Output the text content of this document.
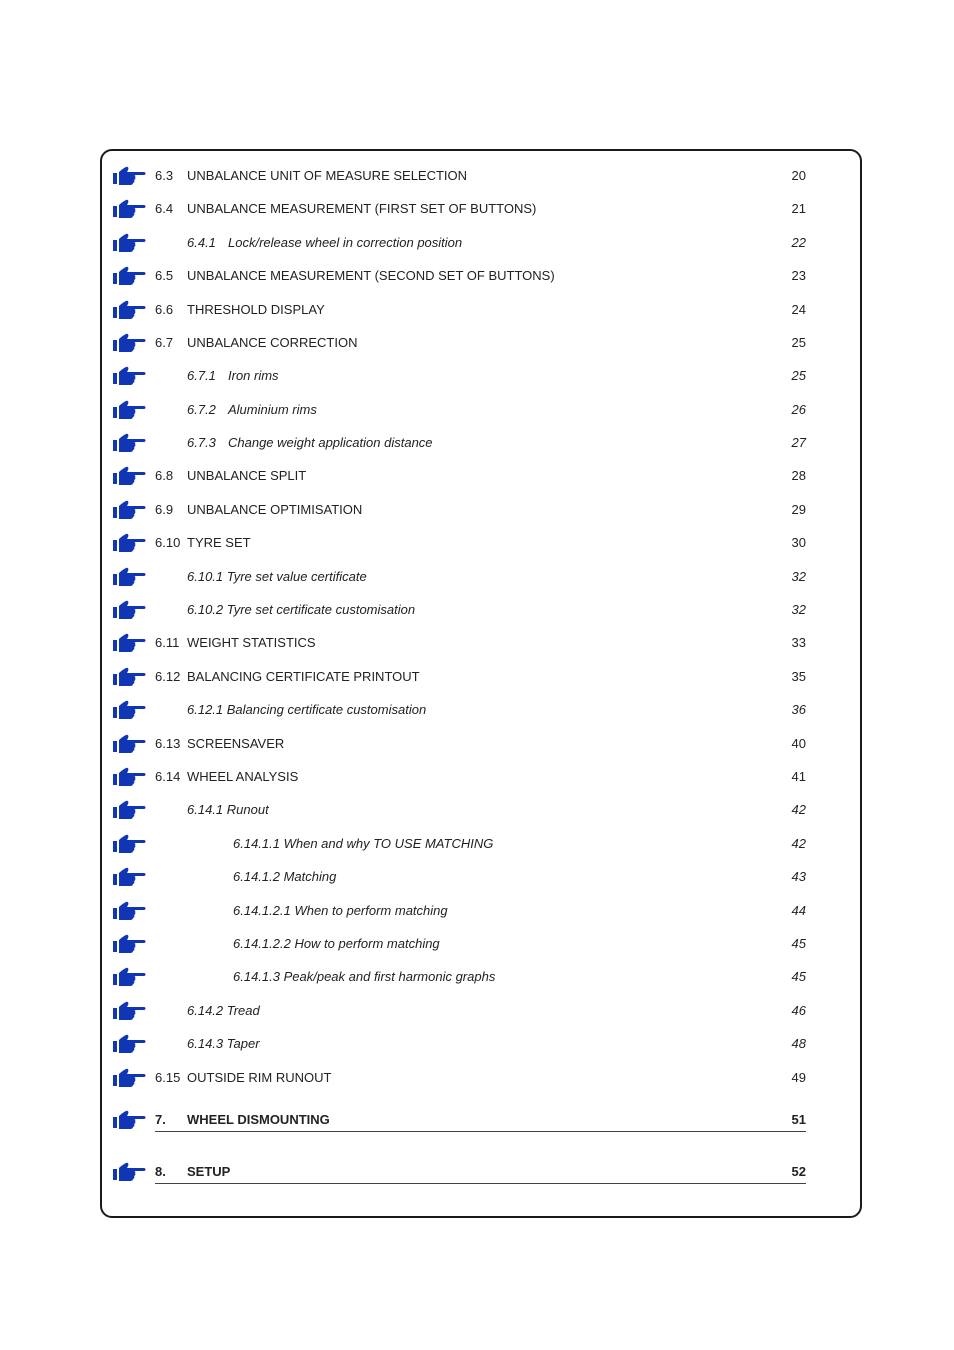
6.3 UNBALANCE UNIT OF MEASURE SELECTION	20
6.4 UNBALANCE MEASUREMENT (FIRST SET OF BUTTONS)	21
6.4.1 Lock/release wheel in correction position	22
6.5 UNBALANCE MEASUREMENT (SECOND SET OF BUTTONS)	23
6.6 THRESHOLD DISPLAY	24
6.7 UNBALANCE CORRECTION	25
6.7.1 Iron rims	25
6.7.2 Aluminium rims	26
6.7.3 Change weight application distance	27
6.8 UNBALANCE SPLIT	28
6.9 UNBALANCE OPTIMISATION	29
6.10 TYRE SET	30
6.10.1 Tyre set value certificate	32
6.10.2 Tyre set certificate customisation	32
6.11 WEIGHT STATISTICS	33
6.12 BALANCING CERTIFICATE PRINTOUT	35
6.12.1 Balancing certificate customisation	36
6.13 SCREENSAVER	40
6.14 WHEEL ANALYSIS	41
6.14.1 Runout	42
6.14.1.1 When and why TO USE MATCHING	42
6.14.1.2 Matching	43
6.14.1.2.1 When to perform matching	44
6.14.1.2.2 How to perform matching	45
6.14.1.3 Peak/peak and first harmonic graphs	45
6.14.2 Tread	46
6.14.3 Taper	48
6.15 OUTSIDE RIM RUNOUT	49
7. WHEEL DISMOUNTING	51
8. SETUP	52
